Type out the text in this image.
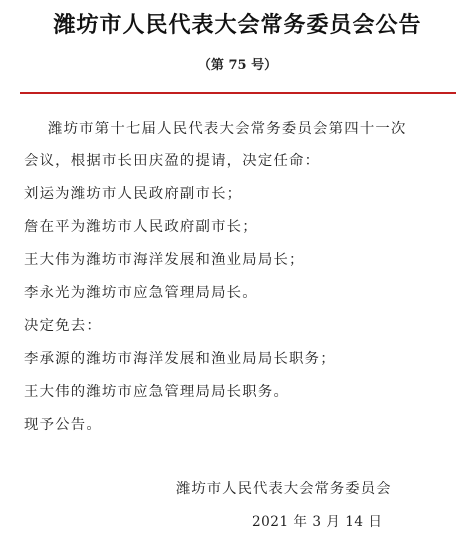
潍坊市人民代表大会常务委员会公告
（第 75 号）
潍坊市第十七届人民代表大会常务委员会第四十一次
会议，根据市长田庆盈的提请，决定任命：
刘运为潍坊市人民政府副市长；
詹在平为潍坊市人民政府副市长；
王大伟为潍坊市海洋发展和渔业局局长；
李永光为潍坊市应急管理局局长。
决定免去：
李承源的潍坊市海洋发展和渔业局局长职务；
王大伟的潍坊市应急管理局局长职务。
现予公告。
潍坊市人民代表大会常务委员会
2021 年 3 月 14 日
